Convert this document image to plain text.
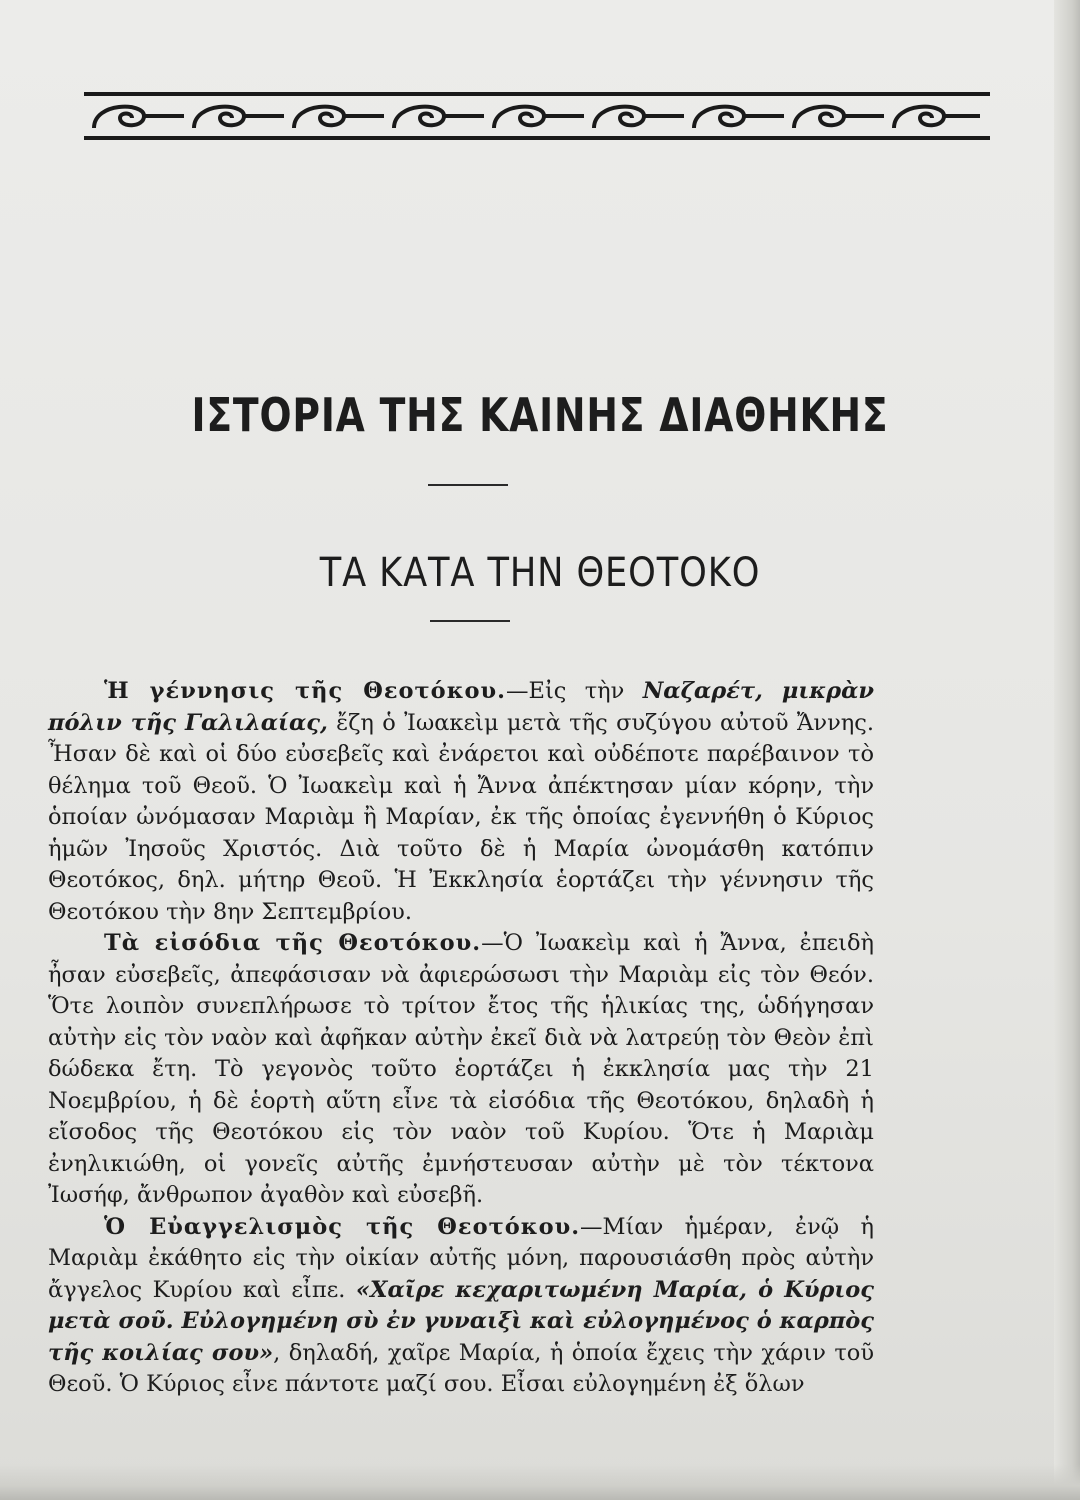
ΙΣΤΟΡΙΑ ΤΗΣ ΚΑΙΝΗΣ ΔΙΑΘΗΚΗΣ
ΤΑ ΚΑΤΑ ΤΗΝ ΘΕΟΤΟΚΟ

Ἡ γέννησις τῆς Θεοτόκου.—Εἰς τὴν Ναζαρέτ, μικρὰν πόλιν τῆς Γαλιλαίας, ἔζη ὁ Ἰωακεὶμ μετὰ τῆς συζύγου αὐτοῦ Ἄννης. Ἦσαν δὲ καὶ οἱ δύο εὐσεβεῖς καὶ ἐνάρετοι καὶ οὐδέποτε παρέβαινον τὸ θέλημα τοῦ Θεοῦ. Ὁ Ἰωακεὶμ καὶ ἡ Ἄννα ἀπέκτησαν μίαν κόρην, τὴν ὁποίαν ὠνόμασαν Μαριὰμ ἢ Μαρίαν, ἐκ τῆς ὁποίας ἐγεννήθη ὁ Κύριος ἡμῶν Ἰησοῦς Χριστός. Διὰ τοῦτο δὲ ἡ Μαρία ὠνομάσθη κατόπιν Θεοτόκος, δηλ. μήτηρ Θεοῦ. Ἡ Ἐκκλησία ἑορτάζει τὴν γέννησιν τῆς Θεοτόκου τὴν 8ην Σεπτεμβρίου.

Τὰ εἰσόδια τῆς Θεοτόκου.—Ὁ Ἰωακεὶμ καὶ ἡ Ἄννα, ἐπειδὴ ἦσαν εὐσεβεῖς, ἀπεφάσισαν νὰ ἀφιερώσωσι τὴν Μαριὰμ εἰς τὸν Θεόν. Ὅτε λοιπὸν συνεπλήρωσε τὸ τρίτον ἔτος τῆς ἡλικίας της, ὡδήγησαν αὐτὴν εἰς τὸν ναὸν καὶ ἀφῆκαν αὐτὴν ἐκεῖ διὰ νὰ λατρεύῃ τὸν Θεὸν ἐπὶ δώδεκα ἔτη. Τὸ γεγονὸς τοῦτο ἑορτάζει ἡ ἐκκλησία μας τὴν 21 Νοεμβρίου, ἡ δὲ ἑορτὴ αὕτη εἶνε τὰ εἰσόδια τῆς Θεοτόκου, δηλαδὴ ἡ εἴσοδος τῆς Θεοτόκου εἰς τὸν ναὸν τοῦ Κυρίου. Ὅτε ἡ Μαριὰμ ἐνηλικιώθη, οἱ γονεῖς αὐτῆς ἐμνήστευσαν αὐτὴν μὲ τὸν τέκτονα Ἰωσήφ, ἄνθρωπον ἀγαθὸν καὶ εὐσεβῆ.

Ὁ Εὐαγγελισμὸς τῆς Θεοτόκου.—Μίαν ἡμέραν, ἐνῷ ἡ Μαριὰμ ἐκάθητο εἰς τὴν οἰκίαν αὐτῆς μόνη, παρουσιάσθη πρὸς αὐτὴν ἄγγελος Κυρίου καὶ εἶπε. «Χαῖρε κεχαριτωμένη Μαρία, ὁ Κύριος μετὰ σοῦ. Εὐλογημένη σὺ ἐν γυναιξὶ καὶ εὐλογημένος ὁ καρπὸς τῆς κοιλίας σου», δηλαδή, χαῖρε Μαρία, ἡ ὁποία ἔχεις τὴν χάριν τοῦ Θεοῦ. Ὁ Κύριος εἶνε πάντοτε μαζί σου. Εἶσαι εὐλογημένη ἐξ ὅλων
